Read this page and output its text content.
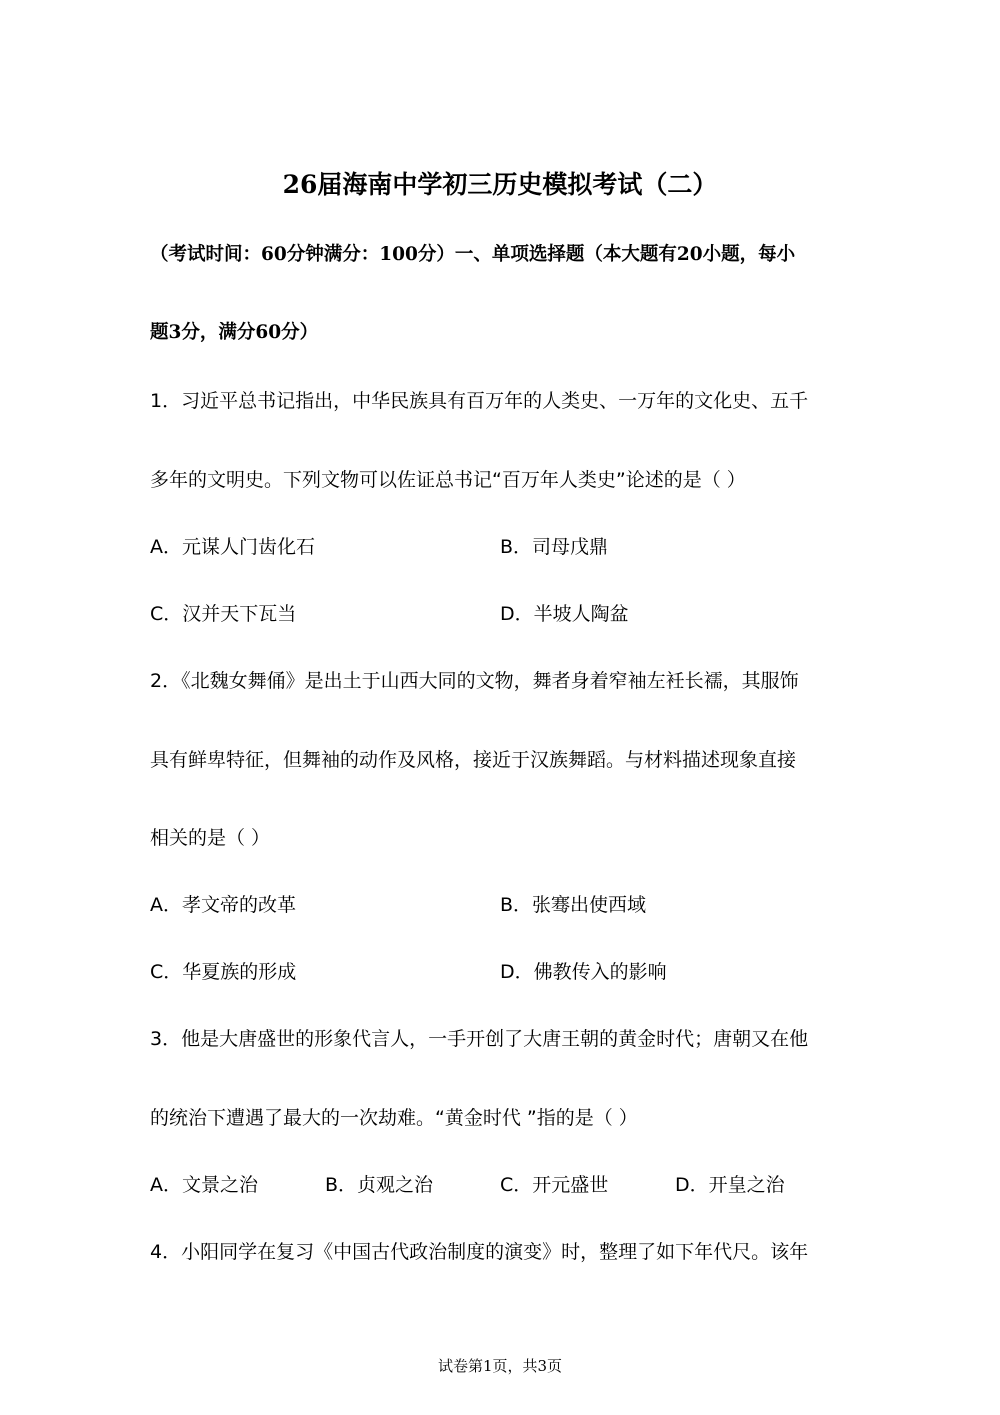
26届海南中学初三历史模拟考试（二）
（考试时间：60分钟满分：100分）一、单项选择题（本大题有20小题，每小
题3分，满分60分）
1．习近平总书记指出，中华民族具有百万年的人类史、一万年的文化史、五千
多年的文明史。下列文物可以佐证总书记“百万年人类史”论述的是（ ）
A．元谋人门齿化石	B．司母戊鼎
C．汉并天下瓦当	D．半坡人陶盆
2．《北魏女舞俑》是出土于山西大同的文物，舞者身着窄袖左衽长襦，其服饰
具有鲜卑特征，但舞袖的动作及风格，接近于汉族舞蹈。与材料描述现象直接
相关的是（ ）
A．孝文帝的改革	B．张骞出使西域
C．华夏族的形成	D．佛教传入的影响
3．他是大唐盛世的形象代言人，一手开创了大唐王朝的黄金时代；唐朝又在他
的统治下遭遇了最大的一次劫难。“黄金时代 ”指的是（ ）
A．文景之治	B．贞观之治	C．开元盛世	D．开皇之治
4．小阳同学在复习《中国古代政治制度的演变》时，整理了如下年代尺。该年
试卷第1页，共3页
